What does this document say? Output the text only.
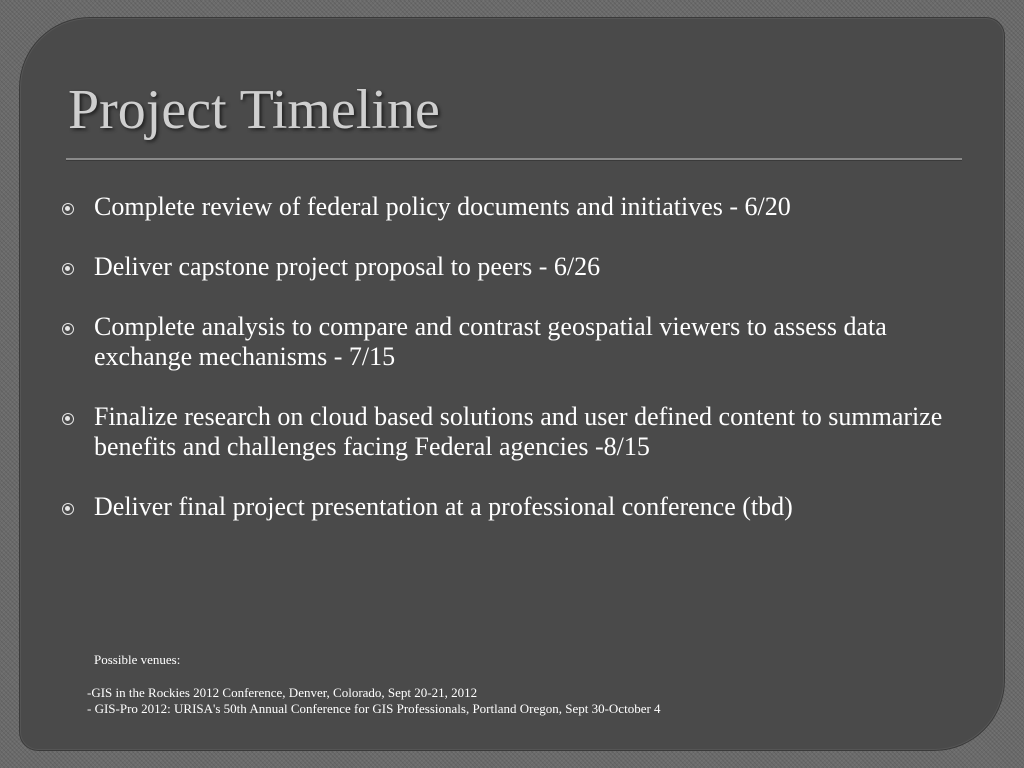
Project Timeline
Complete review of federal policy documents and initiatives - 6/20
Deliver capstone project proposal to peers - 6/26
Complete analysis to compare and contrast geospatial viewers to assess data exchange mechanisms - 7/15
Finalize research on cloud based solutions and user defined content to summarize benefits and challenges facing Federal agencies -8/15
Deliver final project presentation at a professional conference (tbd)

Possible venues:

-GIS in the Rockies 2012 Conference, Denver, Colorado, Sept 20-21, 2012

- GIS-Pro 2012: URISA's 50th Annual Conference for GIS Professionals, Portland Oregon, Sept 30-October 4
